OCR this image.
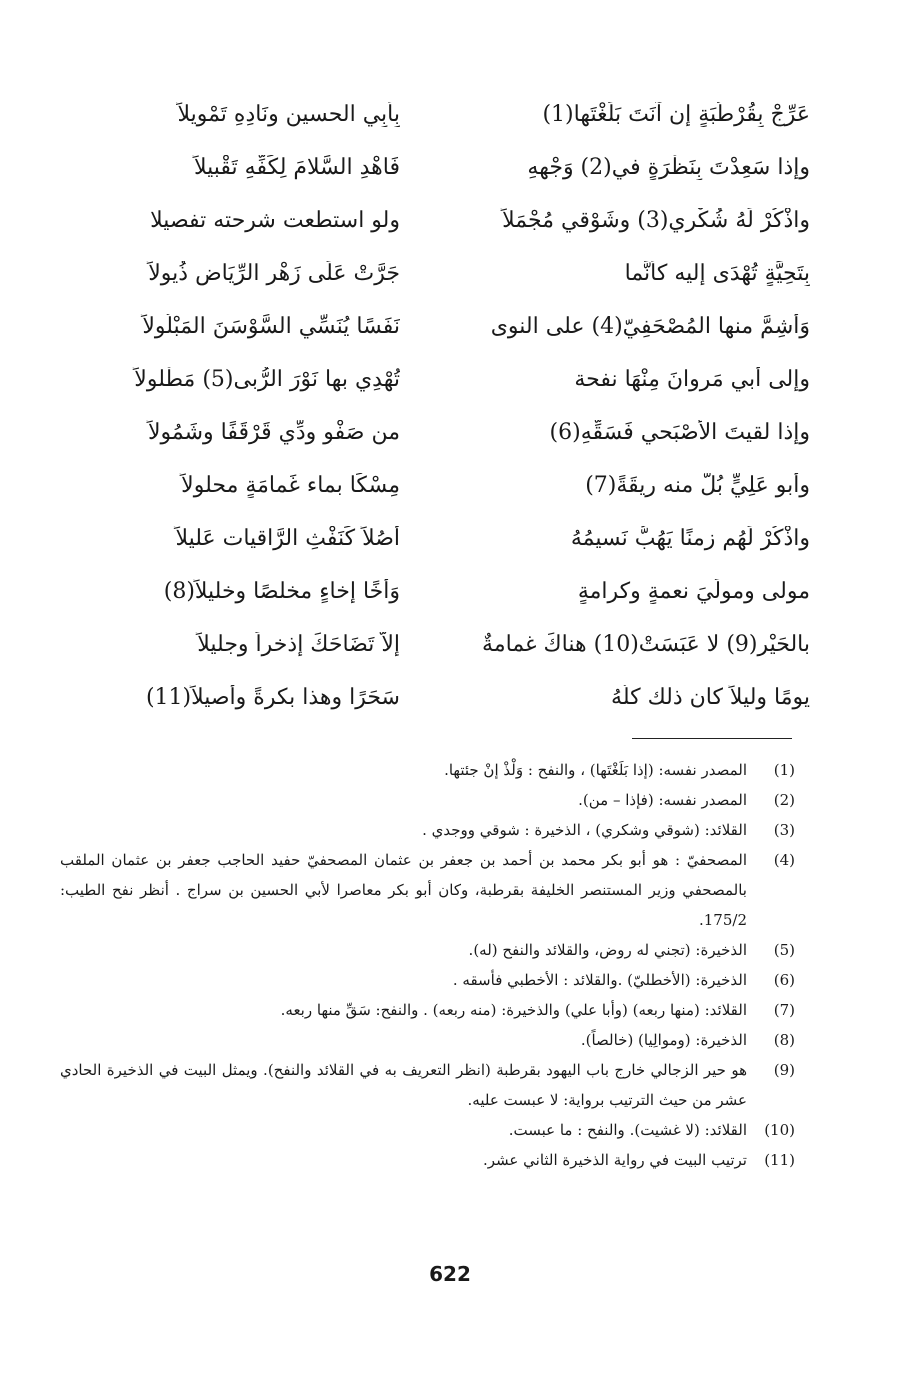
عَرِّجْ بِقُرْطُبَةٍ إن آنَتَ بَلَغْتَها(1)
بِأبِي الحسين ونَادِهِ تَمْويلاً
وإذا سَعِدْتَ بِنَظْرَةٍ في(2) وَجْهِهِ
فَاهْدِ السَّلامَ لِكَفِّهِ تَقْبيلاً
واذْكُرْ لَهُ شُكْري(3) وشَوْقي مُجْمَلاً
ولو استطعت شرحته تفصيلا
بِتَحِيَّةٍ تُهْدَى إليه كأنَّما
جَرَّتْ عَلَى زَهْرِ الرِّيَاضِ ذُيولاً
وَأشِمَّ منها المُصْحَفِيّ(4) على النوى
نَفَسًا يُنَسِّي السَّوْسَنَ المَبْلُولاً
وإلى أبي مَروانَ مِنْهَا نفحة
تُهْدِي بها نَوْرَ الرُّبى(5) مَطْلولاً
وإذا لقيتَ الأصْبَحي فَسَقِّهِ(6)
من صَفْوِ وِدِّي قَرْقَفًا وشَمُولاً
وأبو عَلِيٍّ بُلَّ منه ريقَةً(7)
مِسْكًا بماء غَمامَةٍ محلولاً
واذْكُرْ لَهُم زمنًا يَهُبُّ نَسيمُهُ
أُصُلاً كَنَفْثِ الرَّاقيات عَليلاً
مولى ومولَيَ نعمةٍ وكرامةٍ
وَأخًا إخاءٍ مخلصًا وخليلاً(8)
بالحَيْرِ(9) لا عَبَسَتْ(10) هناكَ غمامةٌ
إلاّ تَضَاحَكَ إذخراً وجليلاً
يومًا وليلاً كان ذلك كلُّهُ
سَحَرًا وهذا بكرةً وأصيلاً(11)
(1)
المصدر نفسه: (إذا بَلَغْتَها) ، والنفح : وَلْذْ إنْ جئتها.
(2)
المصدر نفسه: (فإذا – من).
(3)
القلائد: (شوقي وشكري) ، الذخيرة : شوقي ووجدي .
(4)
المصحفيّ : هو أبو بكر محمد بن أحمد بن جعفر بن عثمان المصحفيّ حفيد الحاجب جعفر بن عثمان الملقب بالمصحفي وزير المستنصر الخليفة بقرطبة، وكان أبو بكر معاصرا لأبي الحسين بن سراج . أنظر نفح الطيب: 175/2.
(5)
الذخيرة: (تجني له روض، والقلائد والنفح (له).
(6)
الذخيرة: (الأخطليّ) .والقلائد : الأخطبي فأسقه .
(7)
القلائد: (منها ربعه) (وأبا علي) والذخيرة: (منه ربعه) . والنفح: سَقِّ منها ربعه.
(8)
الذخيرة: (وموالِيا) (خالصاً).
(9)
هو حير الزجالي خارج باب اليهود بقرطبة (انظر التعريف به في القلائد والنفح). ويمثل البيت في الذخيرة الحادي عشر من حيث الترتيب برواية: لا عبست عليه.
(10)
القلائد: (لا غشيت). والنفح : ما عبست.
(11)
ترتيب البيت في رواية الذخيرة الثاني عشر.
622
